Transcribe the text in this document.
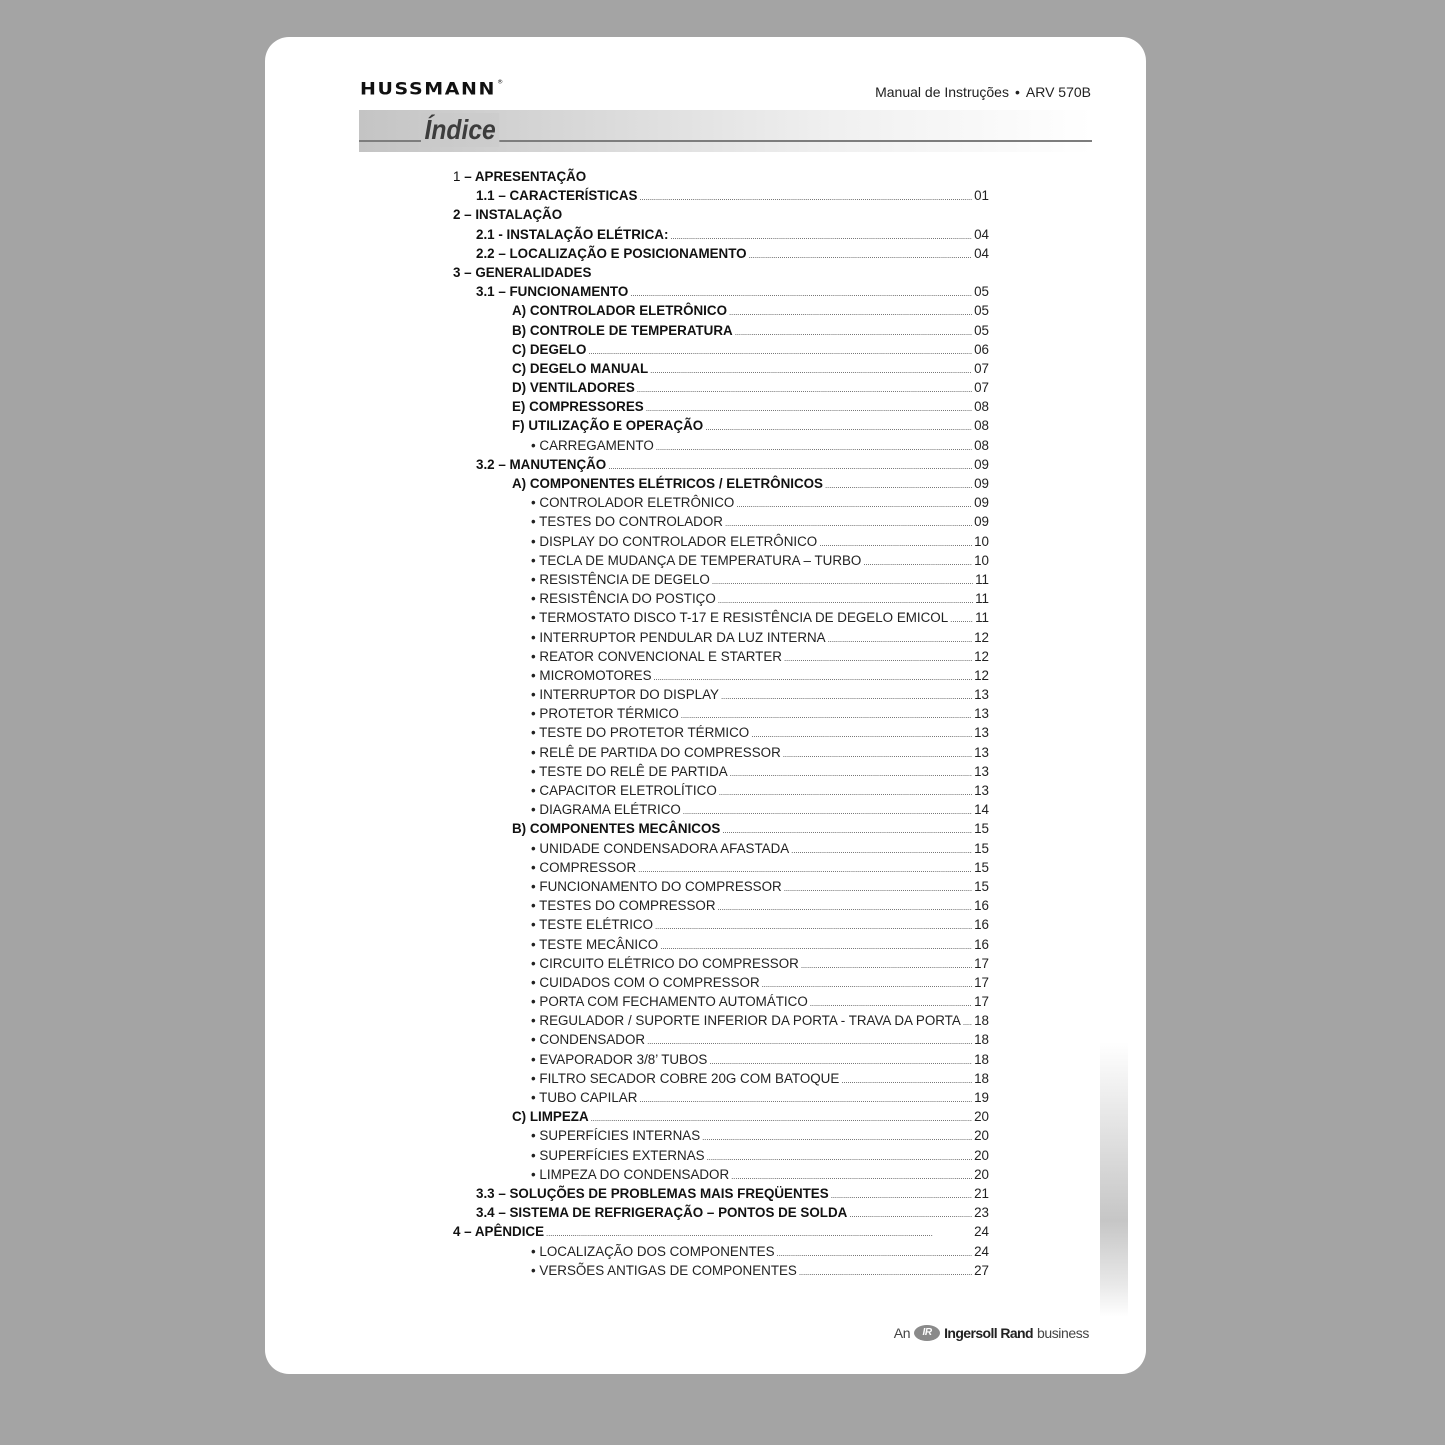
HUSSMANN®
Manual de Instruções • ARV 570B
Índice
1 – APRESENTAÇÃO
1.1 – CARACTERÍSTICAS . . .	01
2 – INSTALAÇÃO
2.1 - INSTALAÇÃO ELÉTRICA: . . .	04
2.2 – LOCALIZAÇÃO E POSICIONAMENTO . . .	04
3 – GENERALIDADES
3.1 – FUNCIONAMENTO . . .	05
A) CONTROLADOR ELETRÔNICO . . .	05
B) CONTROLE DE TEMPERATURA . . .	05
C) DEGELO . . .	06
C) DEGELO MANUAL . . .	07
D) VENTILADORES . . .	07
E) COMPRESSORES . . .	08
F) UTILIZAÇÃO E OPERAÇÃO . . .	08
• CARREGAMENTO . . .	08
3.2 – MANUTENÇÃO . . .	09
A) COMPONENTES ELÉTRICOS / ELETRÔNICOS . . .	09
• CONTROLADOR ELETRÔNICO . . .	09
• TESTES DO CONTROLADOR . . .	09
• DISPLAY DO CONTROLADOR ELETRÔNICO . . .	10
• TECLA DE MUDANÇA DE TEMPERATURA – TURBO . . .	10
• RESISTÊNCIA DE DEGELO . . .	11
• RESISTÊNCIA DO POSTIÇO . . .	11
• TERMOSTATO DISCO T-17 E RESISTÊNCIA DE DEGELO EMICOL . . . 11
• INTERRUPTOR PENDULAR DA LUZ INTERNA . . .	12
• REATOR CONVENCIONAL E STARTER . . .	12
• MICROMOTORES . . .	12
• INTERRUPTOR DO DISPLAY . . .	13
• PROTETOR TÉRMICO . . .	13
• TESTE DO PROTETOR TÉRMICO . . .	13
• RELÊ DE PARTIDA DO COMPRESSOR . . .	13
• TESTE DO RELÊ DE PARTIDA . . .	13
• CAPACITOR ELETROLÍTICO . . .	13
• DIAGRAMA ELÉTRICO . . .	14
B) COMPONENTES MECÂNICOS . . .	15
• UNIDADE CONDENSADORA AFASTADA . . .	15
• COMPRESSOR . . .	15
• FUNCIONAMENTO DO COMPRESSOR . . .	15
• TESTES DO COMPRESSOR . . .	16
• TESTE ELÉTRICO . . .	16
• TESTE MECÂNICO . . .	16
• CIRCUITO ELÉTRICO DO COMPRESSOR . . .	17
• CUIDADOS COM O COMPRESSOR . . .	17
• PORTA COM FECHAMENTO AUTOMÁTICO . . .	17
• REGULADOR / SUPORTE INFERIOR DA PORTA - TRAVA DA PORTA . . . 18
• CONDENSADOR . . .	18
• EVAPORADOR 3/8’ TUBOS . . .	18
• FILTRO SECADOR COBRE 20G COM BATOQUE . . .	18
• TUBO CAPILAR . . .	19
C) LIMPEZA . . .	20
• SUPERFÍCIES INTERNAS . . .	20
• SUPERFÍCIES EXTERNAS . . .	20
• LIMPEZA DO CONDENSADOR . . .	20
3.3 – SOLUÇÕES DE PROBLEMAS MAIS FREQÜENTES . . .	21
3.4 – SISTEMA DE REFRIGERAÇÃO – PONTOS DE SOLDA . . .	23
4 – APÊNDICE . . .	24
• LOCALIZAÇÃO DOS COMPONENTES . . .	24
• VERSÕES ANTIGAS DE COMPONENTES . . .	27
An	IR Ingersoll Rand business
